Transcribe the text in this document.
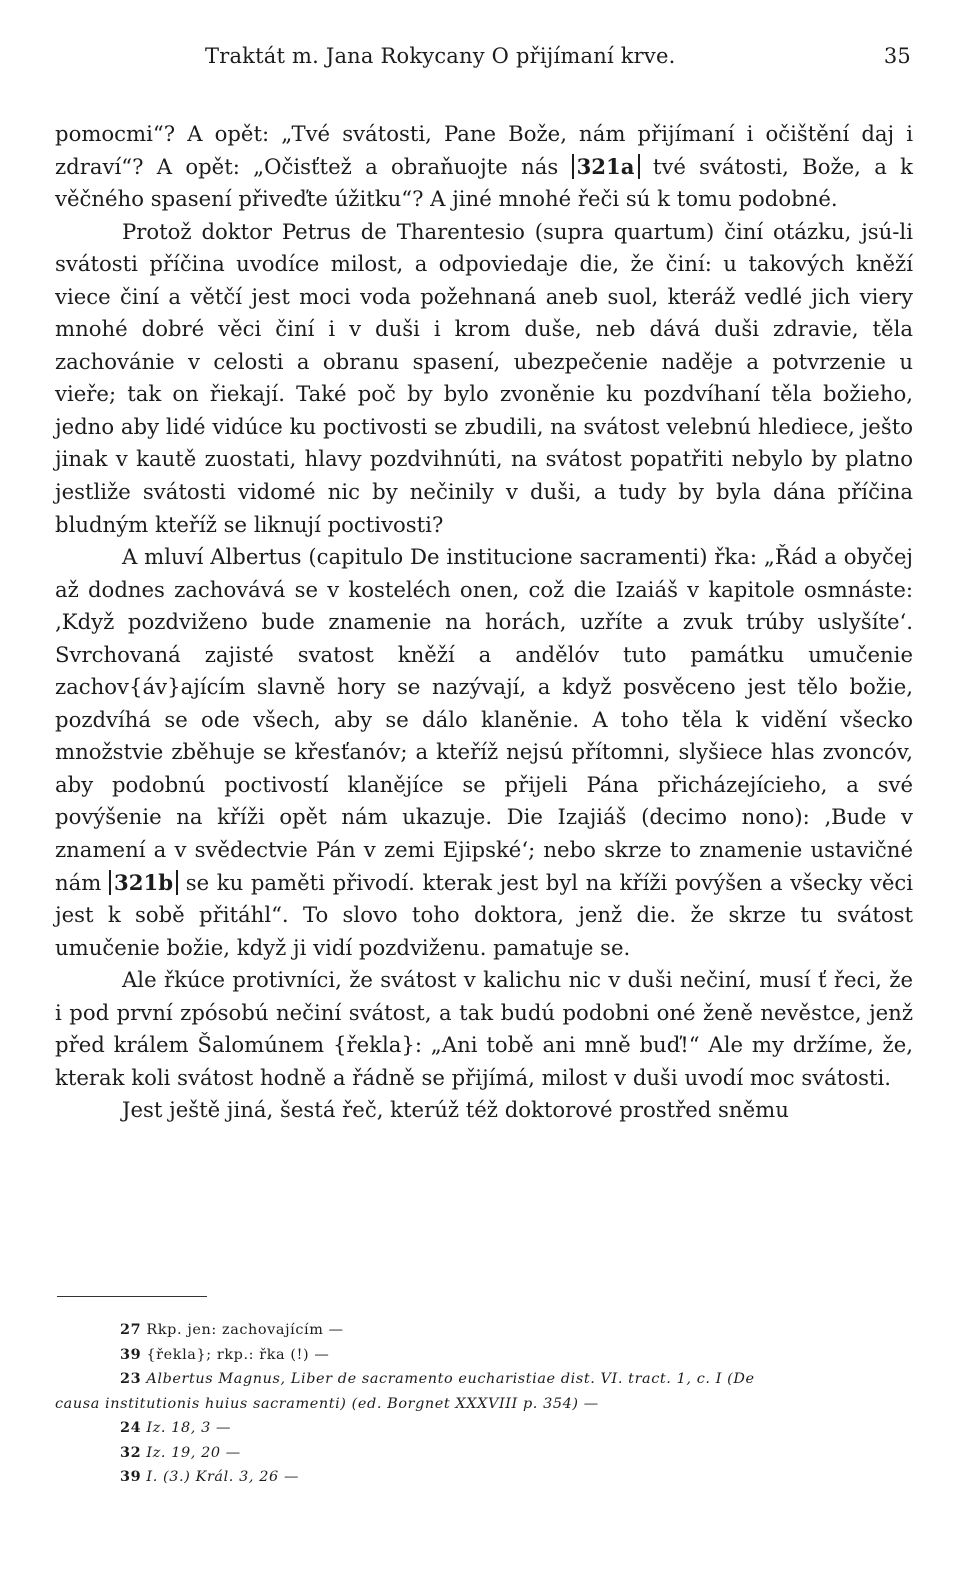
Traktát m. Jana Rokycany O přijímaní krve.	35

pomocmi“? A opět: „Tvé svátosti, Pane Bože, nám přijímaní i očištění daj i zdraví“? A opět: „Očisťtež a obraňuojte nás 321a tvé svátosti, Bože, a k věčného spasení přiveďte úžitku“? A jiné mnohé řeči sú k tomu podobné.

Protož doktor Petrus de Tharentesio (supra quartum) činí otázku, jsú-li svátosti příčina uvodíce milost, a odpoviedaje die, že činí: u takových kněží viece činí a větčí jest moci voda požehnaná aneb suol, kteráž vedlé jich viery mnohé dobré věci činí i v duši i krom duše, neb dává duši zdravie, těla zachovánie v celosti a obranu spasení, ubezpečenie naděje a potvrzenie u vieře; tak on řiekají. Také poč by bylo zvoněnie ku pozdvíhaní těla božieho, jedno aby lidé vidúce ku poctivosti se zbudili, na svátost velebnú hlediece, ješto jinak v kautě zuostati, hlavy pozdvihnúti, na svátost popatřiti nebylo by platno jestliže svátosti vidomé nic by nečinily v duši, a tudy by byla dána příčina bludným kteříž se liknují poctivosti?

A mluví Albertus (capitulo De institucione sacramenti) řka: „Řád a obyčej až dodnes zachovává se v kosteléch onen, což die Izaiáš v kapitole osmnáste: ‚Když pozdviženo bude znamenie na horách, uzříte a zvuk trúby uslyšíte‘. Svrchovaná zajisté svatost kněží a andělóv tuto památku umučenie zachov{áv}ajícím slavně hory se nazývají, a když posvěceno jest tělo božie, pozdvíhá se ode všech, aby se dálo klaněnie. A toho těla k vidění všecko množstvie zběhuje se křesťanóv; a kteříž nejsú přítomni, slyšiece hlas zvoncóv, aby podobnú poctivostí klanějíce se přijeli Pána přicházejícieho, a své povýšenie na kříži opět nám ukazuje. Die Izajiáš (decimo nono): ‚Bude v znamení a v svědectvie Pán v zemi Ejipské‘; nebo skrze to znamenie ustavičné nám 321b se ku paměti přivodí. kterak jest byl na kříži povýšen a všecky věci jest k sobě přitáhl“. To slovo toho doktora, jenž die. že skrze tu svátost umučenie božie, když ji vidí pozdviženu. pamatuje se.

Ale řkúce protivníci, že svátost v kalichu nic v duši nečiní, musí ť řeci, že i pod první zpósobú nečiní svátost, a tak budú podobni oné ženě nevěstce, jenž před králem Šalomúnem {řekla}: „Ani tobě ani mně buď!“ Ale my držíme, že, kterak koli svátost hodně a řádně se přijímá, milost v duši uvodí moc svátosti.

Jest ještě jiná, šestá řeč, kterúž též doktorové prostřed sněmu

27 Rkp. jen: zachovajícím —

39 {řekla}; rkp.: řka (!) —

23 Albertus Magnus, Liber de sacramento eucharistiae dist. VI. tract. 1, c. I (De

causa institutionis huius sacramenti) (ed. Borgnet XXXVIII p. 354) —

24 Iz. 18, 3 —

32 Iz. 19, 20 —

39 I. (3.) Král. 3, 26 —
